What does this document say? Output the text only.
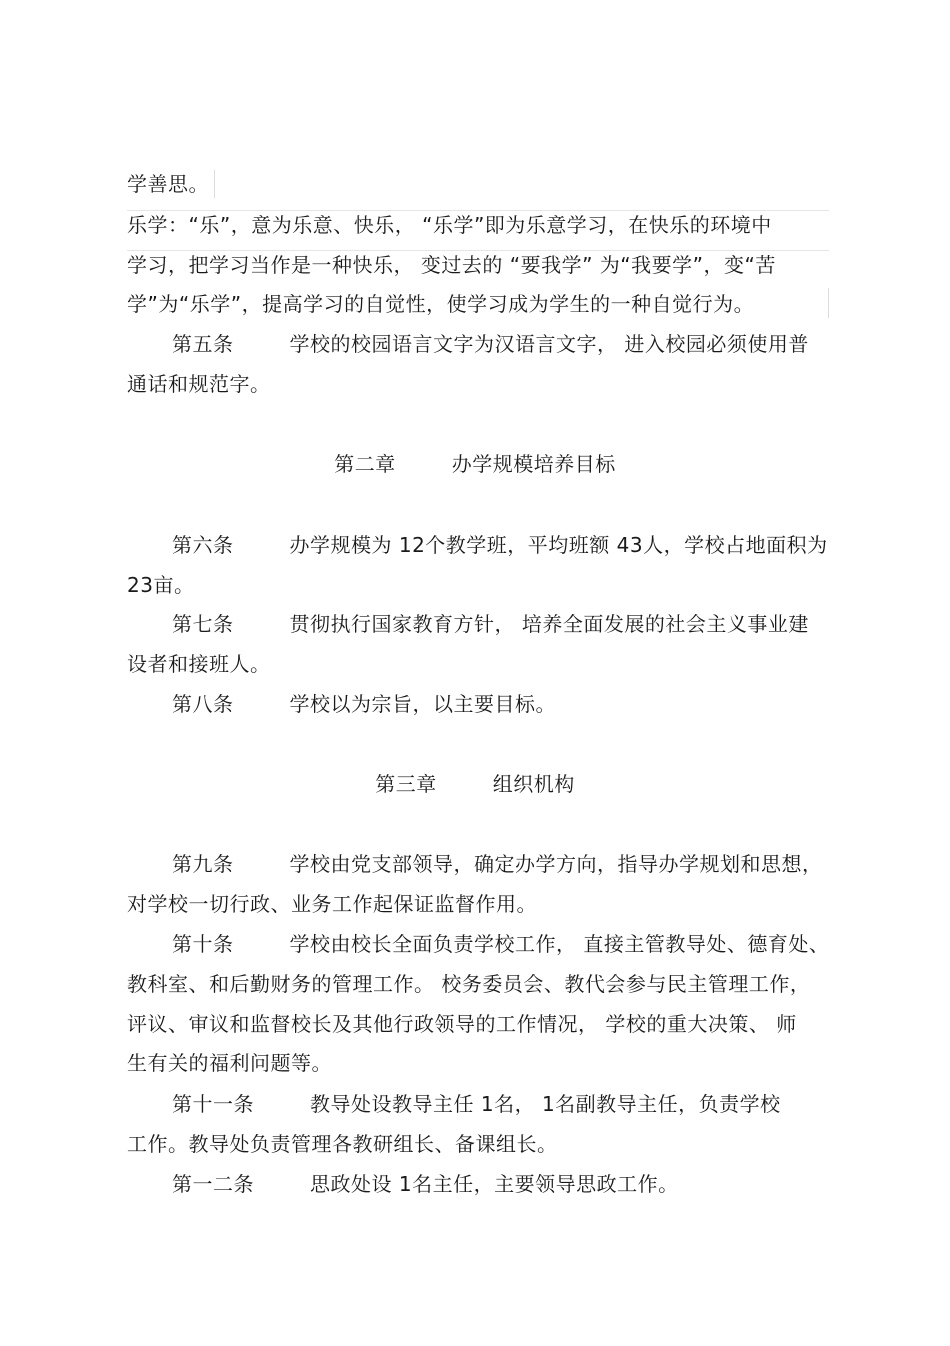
学善思。
乐学：“乐”，意为乐意、快乐， “乐学”即为乐意学习，在快乐的环境中
学习，把学习当作是一种快乐， 变过去的 “要我学” 为“我要学”，变“苦
学”为“乐学”，提高学习的自觉性，使学习成为学生的一种自觉行为。
第五条	学校的校园语言文字为汉语言文字， 进入校园必须使用普
通话和规范字。
第二章	办学规模培养目标
第六条	办学规模为 12个教学班，平均班额 43人，学校占地面积为
23亩。
第七条	贯彻执行国家教育方针， 培养全面发展的社会主义事业建
设者和接班人。
第八条	学校以为宗旨，以主要目标。
第三章	组织机构
第九条	学校由党支部领导，确定办学方向，指导办学规划和思想，
对学校一切行政、业务工作起保证监督作用。
第十条	学校由校长全面负责学校工作， 直接主管教导处、德育处、
教科室、和后勤财务的管理工作。 校务委员会、教代会参与民主管理工作，
评议、审议和监督校长及其他行政领导的工作情况， 学校的重大决策、 师
生有关的福利问题等。
第十一条	教导处设教导主任 1名， 1名副教导主任，负责学校
工作。教导处负责管理各教研组长、备课组长。
第一二条	思政处设 1名主任，主要领导思政工作。
